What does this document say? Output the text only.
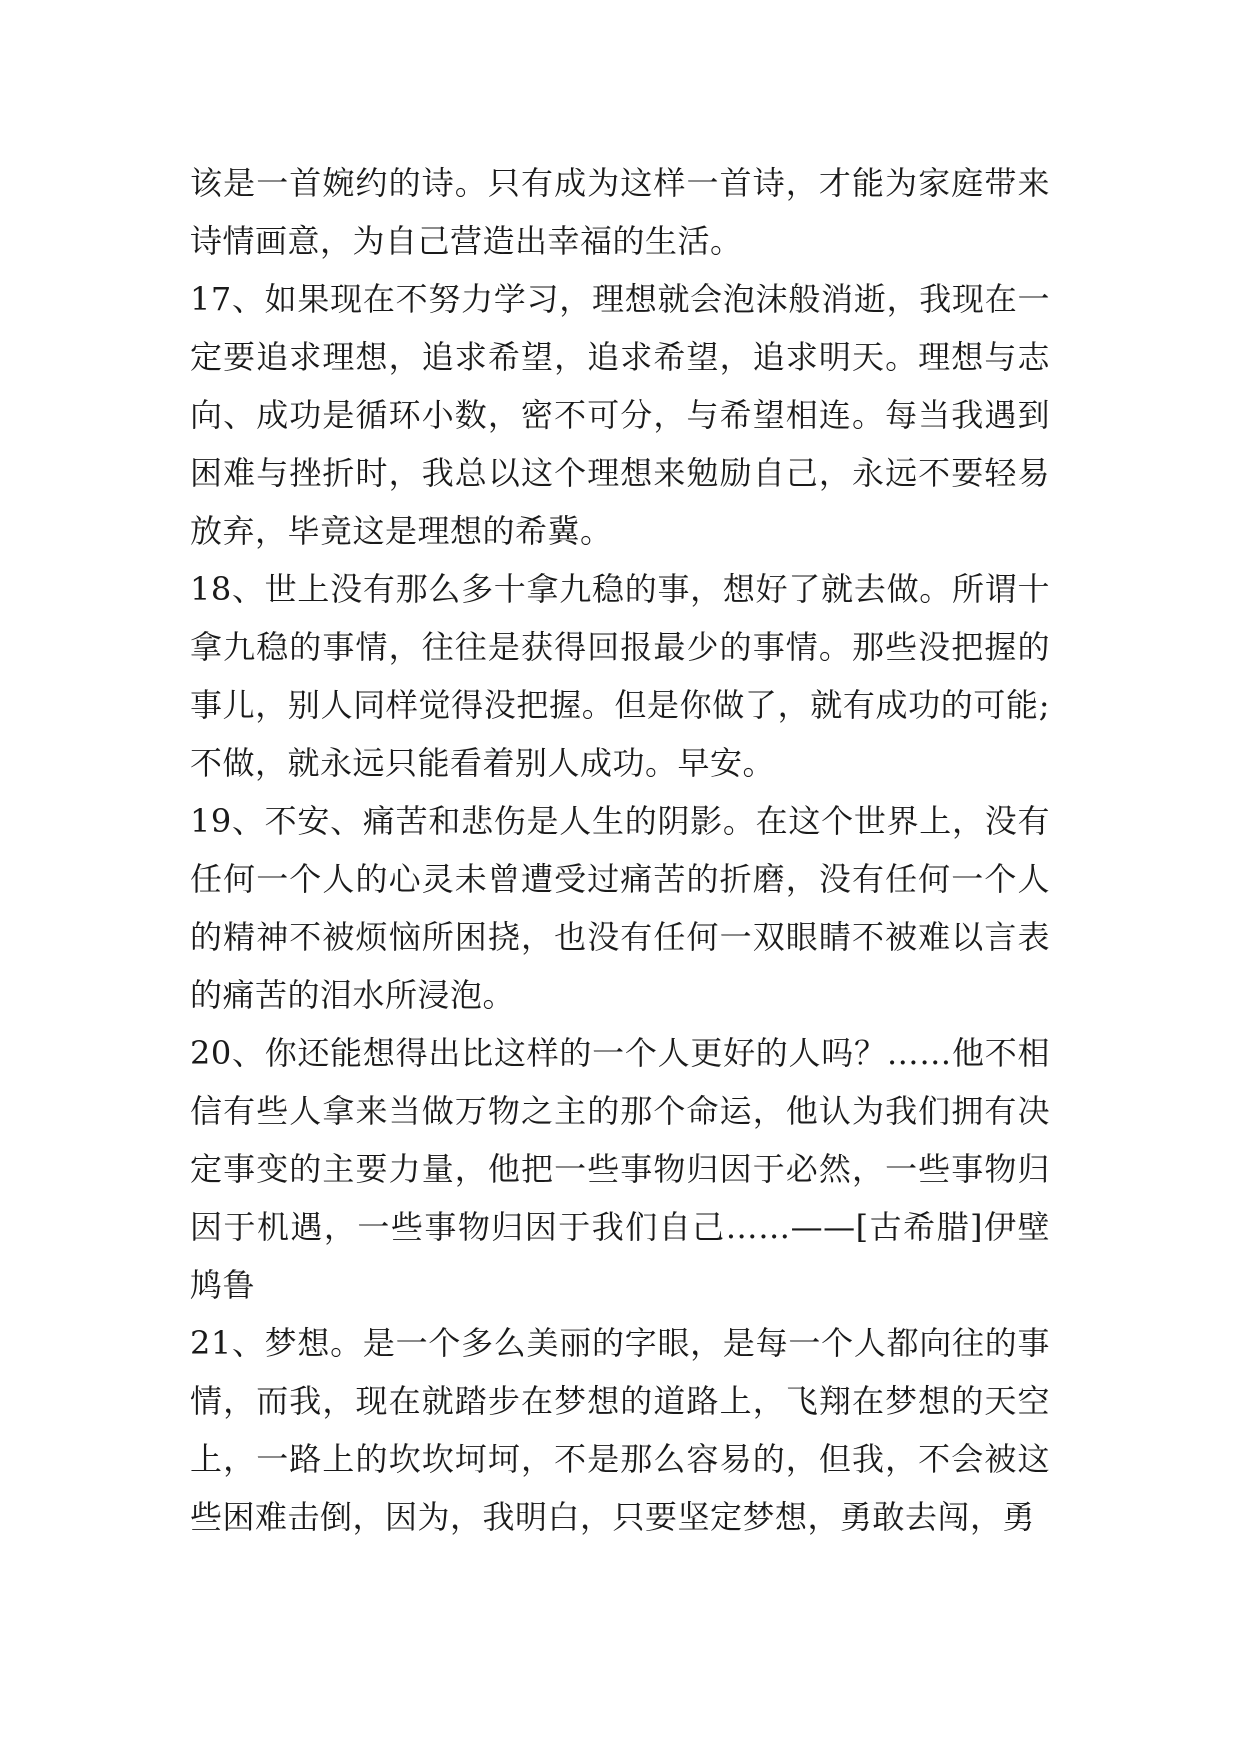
该是一首婉约的诗。只有成为这样一首诗，才能为家庭带来诗情画意，为自己营造出幸福的生活。

17、如果现在不努力学习，理想就会泡沫般消逝，我现在一定要追求理想，追求希望，追求希望，追求明天。理想与志向、成功是循环小数，密不可分，与希望相连。每当我遇到困难与挫折时，我总以这个理想来勉励自己，永远不要轻易放弃，毕竟这是理想的希冀。

18、世上没有那么多十拿九稳的事，想好了就去做。所谓十拿九稳的事情，往往是获得回报最少的事情。那些没把握的事儿，别人同样觉得没把握。但是你做了，就有成功的可能;不做，就永远只能看着别人成功。早安。

19、不安、痛苦和悲伤是人生的阴影。在这个世界上，没有任何一个人的心灵未曾遭受过痛苦的折磨，没有任何一个人的精神不被烦恼所困挠，也没有任何一双眼睛不被难以言表的痛苦的泪水所浸泡。

20、你还能想得出比这样的一个人更好的人吗？……他不相信有些人拿来当做万物之主的那个命运，他认为我们拥有决定事变的主要力量，他把一些事物归因于必然，一些事物归因于机遇，一些事物归因于我们自己……——[古希腊]伊壁鸠鲁

21、梦想。是一个多么美丽的字眼，是每一个人都向往的事情，而我，现在就踏步在梦想的道路上，飞翔在梦想的天空上，一路上的坎坎坷坷，不是那么容易的，但我，不会被这些困难击倒，因为，我明白，只要坚定梦想，勇敢去闯，勇
